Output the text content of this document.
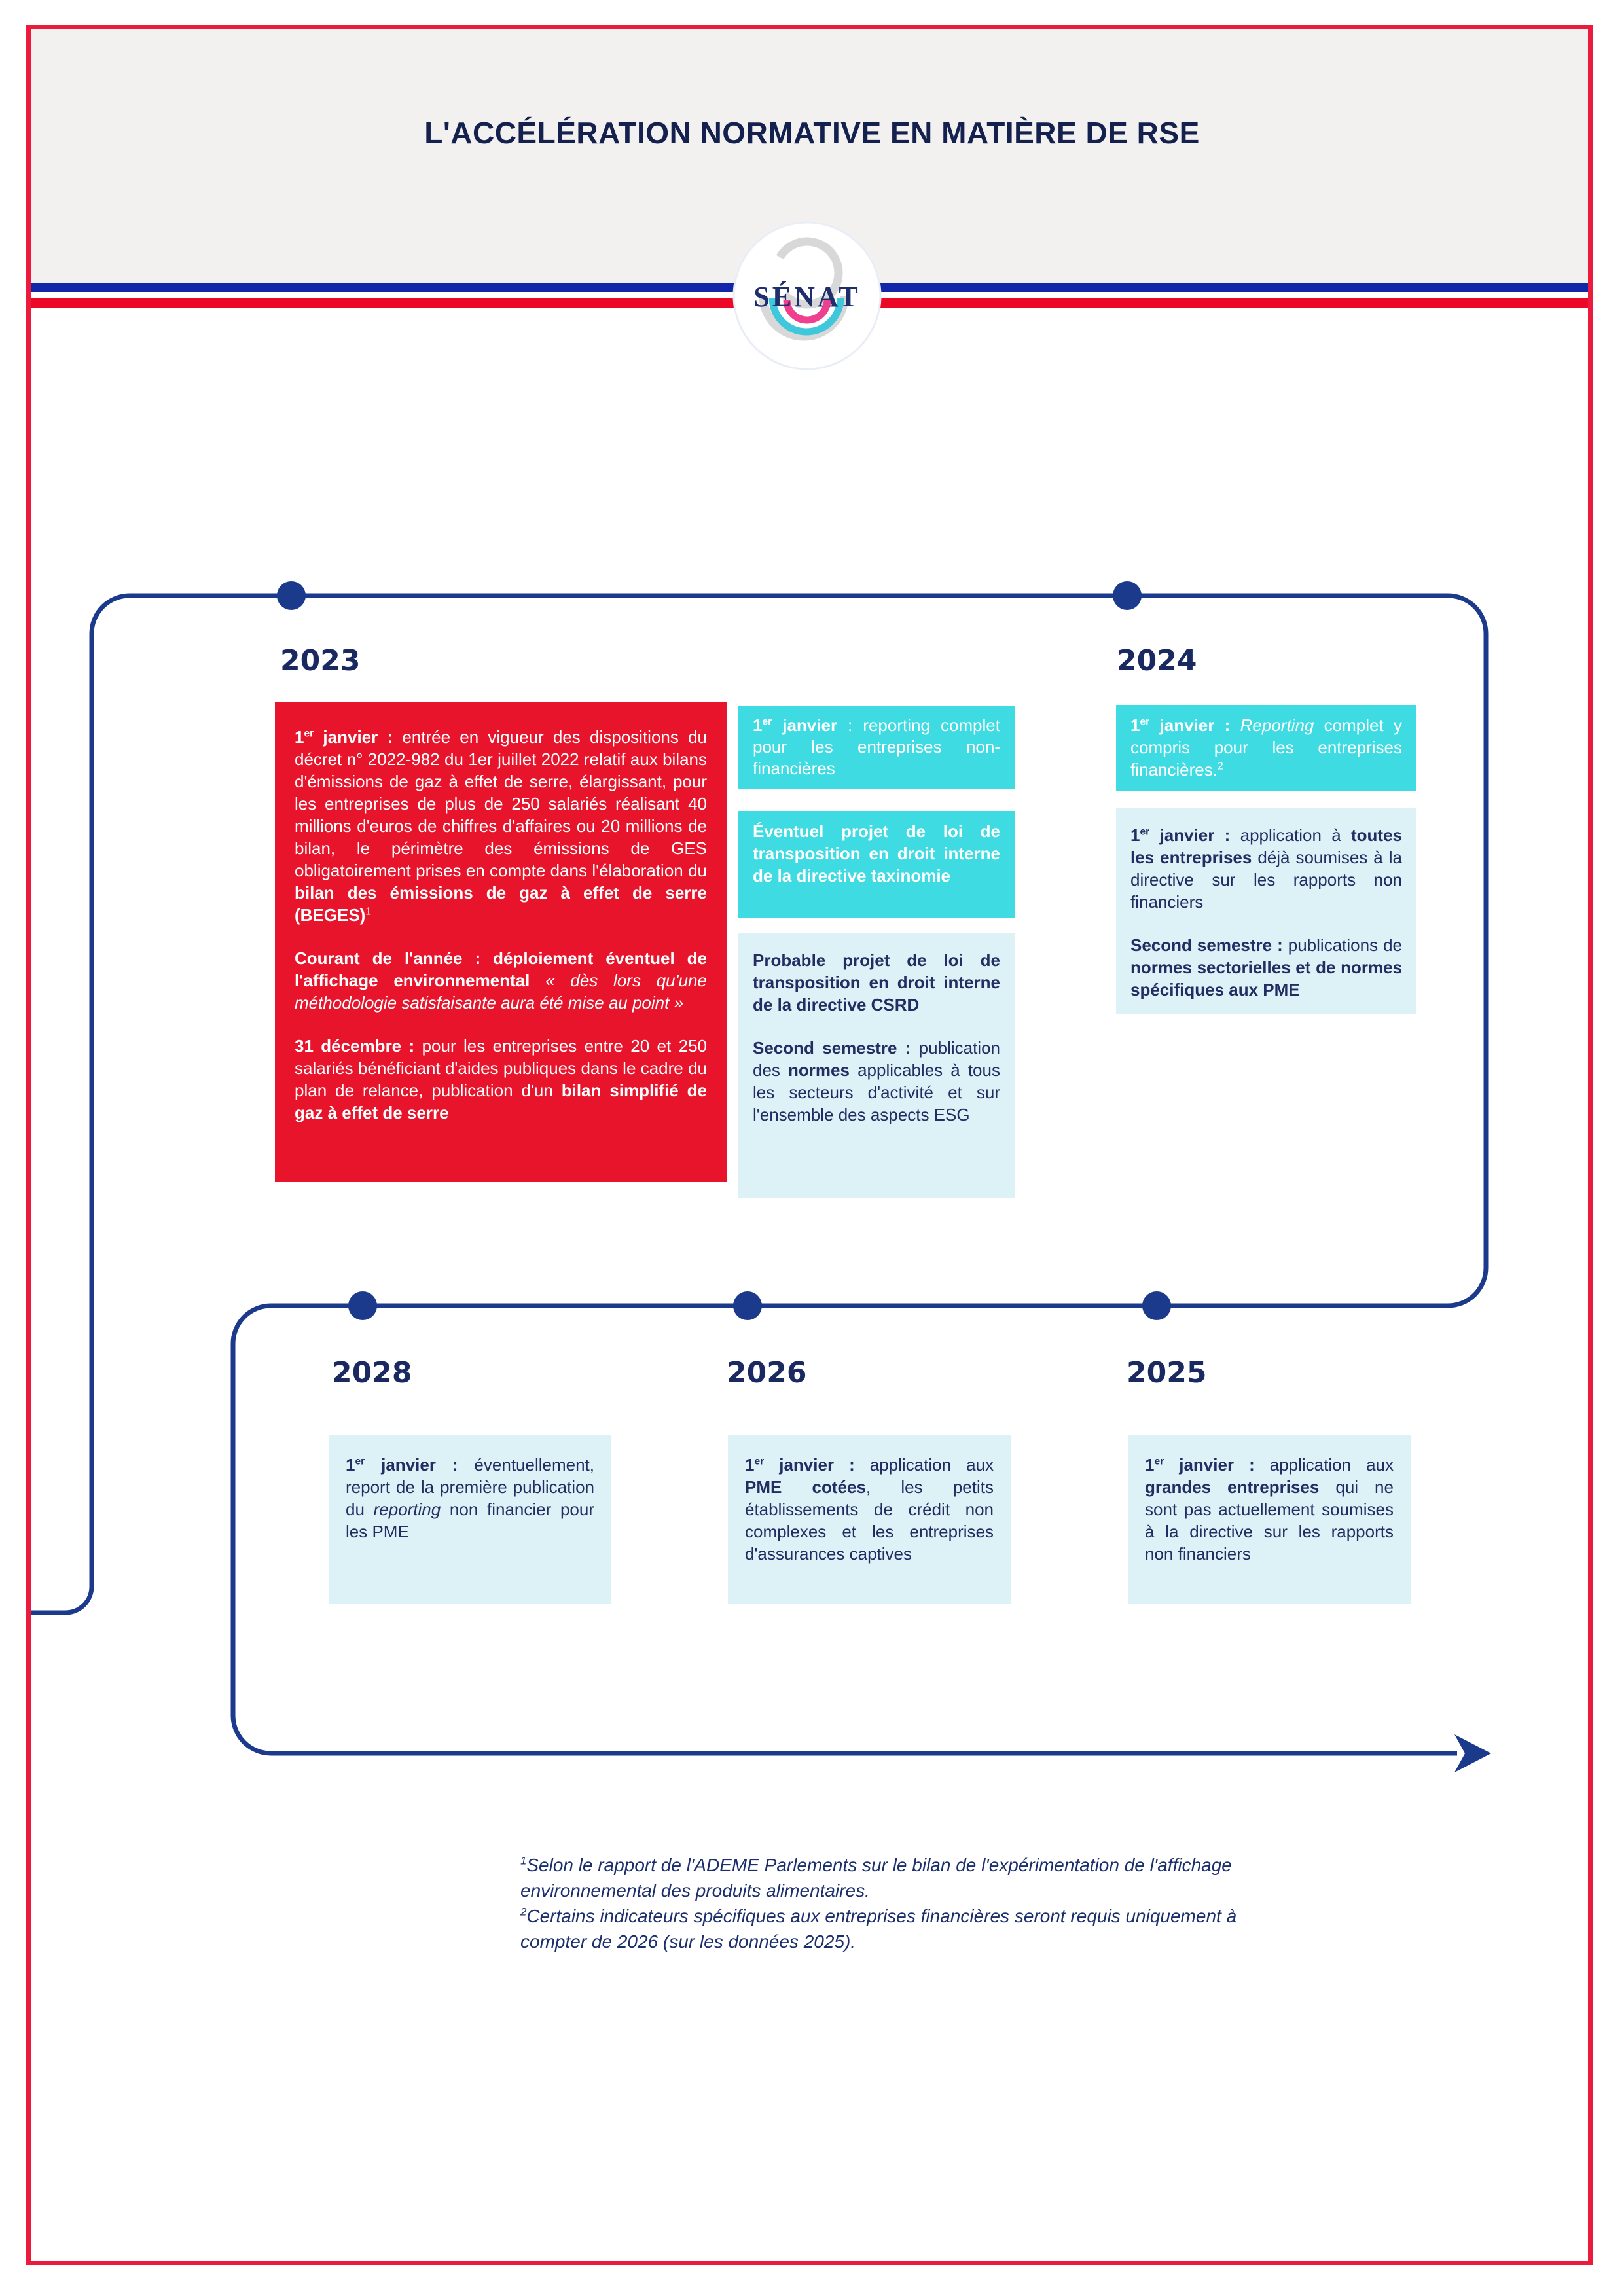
L'ACCÉLÉRATION NORMATIVE EN MATIÈRE DE RSE
SÉNAT
2023	2024
2028	2026	2025

1er janvier : entrée en vigueur des dispositions du décret n° 2022-982 du 1er juillet 2022 relatif aux bilans d'émissions de gaz à effet de serre, élargissant, pour les entreprises de plus de 250 salariés réalisant 40 millions d'euros de chiffres d'affaires ou 20 millions de bilan, le périmètre des émissions de GES obligatoirement prises en compte dans l'élaboration du bilan des émissions de gaz à effet de serre (BEGES)$^1$

Courant de l'année : déploiement éventuel de l'affichage environnemental « dès lors qu'une méthodologie satisfaisante aura été mise au point »

31 décembre : pour les entreprises entre 20 et 250 salariés bénéficiant d'aides publiques dans le cadre du plan de relance, publication d'un bilan simplifié de gaz à effet de serre

1er janvier : reporting complet pour les entreprises non-financières

Éventuel projet de loi de transposition en droit interne de la directive taxinomie

Probable projet de loi de transposition en droit interne de la directive CSRD

Second semestre : publication des normes applicables à tous les secteurs d'activité et sur l'ensemble des aspects ESG

1er janvier : Reporting complet y compris pour les entreprises financières.$^2$

1er janvier : application à toutes les entreprises déjà soumises à la directive sur les rapports non financiers

Second semestre : publications de normes sectorielles et de normes spécifiques aux PME

1er janvier : éventuellement, report de la première publication du reporting non financier pour les PME

1er janvier : application aux PME cotées, les petits établissements de crédit non complexes et les entreprises d'assurances captives

1er janvier : application aux grandes entreprises qui ne sont pas actuellement soumises à la directive sur les rapports non financiers

$^1$Selon le rapport de l'ADEME Parlements sur le bilan de l'expérimentation de l'affichage environnemental des produits alimentaires.

$^2$Certains indicateurs spécifiques aux entreprises financières seront requis uniquement à compter de 2026 (sur les données 2025).
